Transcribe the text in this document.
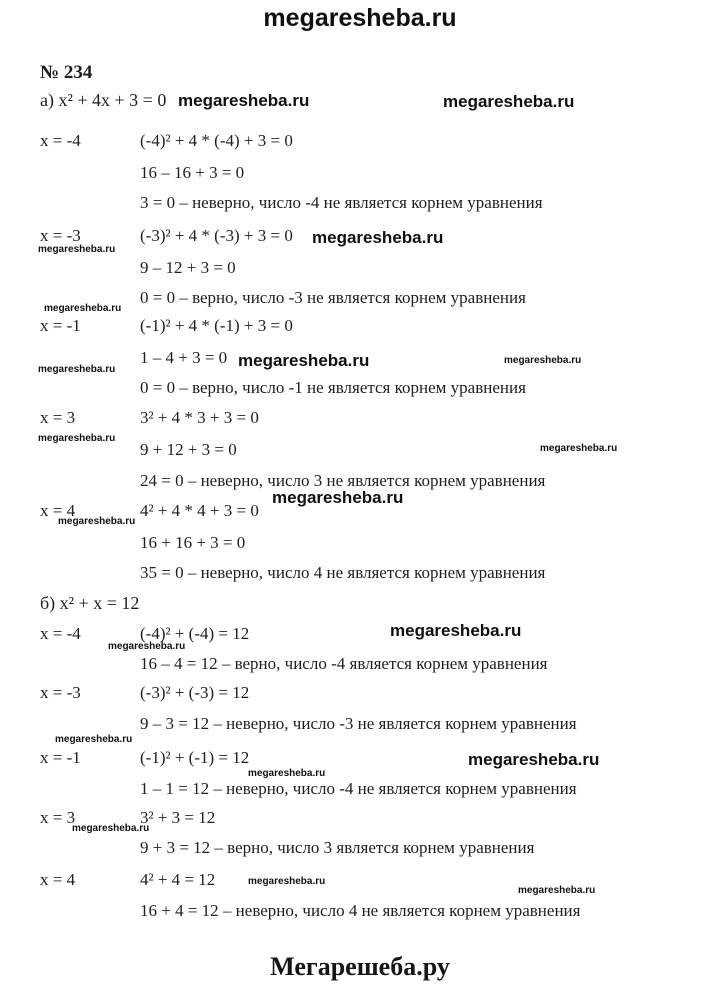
megaresheba.ru
megaresheba.ru	megaresheba.ru
megaresheba.ru
megaresheba.ru
megaresheba.ru
megaresheba.ru
megaresheba.ru
megaresheba.ru
megaresheba.ru
megaresheba.ru
megaresheba.ru
megaresheba.ru
megaresheba.ru
megaresheba.ru
megaresheba.ru
megaresheba.ru
megaresheba.ru
megaresheba.ru
megaresheba.ru
megaresheba.ru
№ 234
а) x² + 4x + 3 = 0
x = -4	(-4)² + 4 * (-4) + 3 = 0
16 – 16 + 3 = 0
3 = 0 – неверно, число -4 не является корнем уравнения
x = -3	(-3)² + 4 * (-3) + 3 = 0
9 – 12 + 3 = 0
0 = 0 – верно, число -3 не является корнем уравнения
x = -1	(-1)² + 4 * (-1) + 3 = 0
1 – 4 + 3 = 0
0 = 0 – верно, число -1 не является корнем уравнения
x = 3	3² + 4 * 3 + 3 = 0
9 + 12 + 3 = 0
24 = 0 – неверно, число 3 не является корнем уравнения
x = 4	4² + 4 * 4 + 3 = 0
16 + 16 + 3 = 0
35 = 0 – неверно, число 4 не является корнем уравнения
б) x² + x = 12
x = -4	(-4)² + (-4) = 12
16 – 4 = 12 – верно, число -4 является корнем уравнения
x = -3	(-3)² + (-3) = 12
9 – 3 = 12 – неверно, число -3 не является корнем уравнения
x = -1	(-1)² + (-1) = 12
1 – 1 = 12 – неверно, число -4 не является корнем уравнения
x = 3	3² + 3 = 12
9 + 3 = 12 – верно, число 3 является корнем уравнения
x = 4	4² + 4 = 12
16 + 4 = 12 – неверно, число 4 не является корнем уравнения
Мегарешеба.ру
